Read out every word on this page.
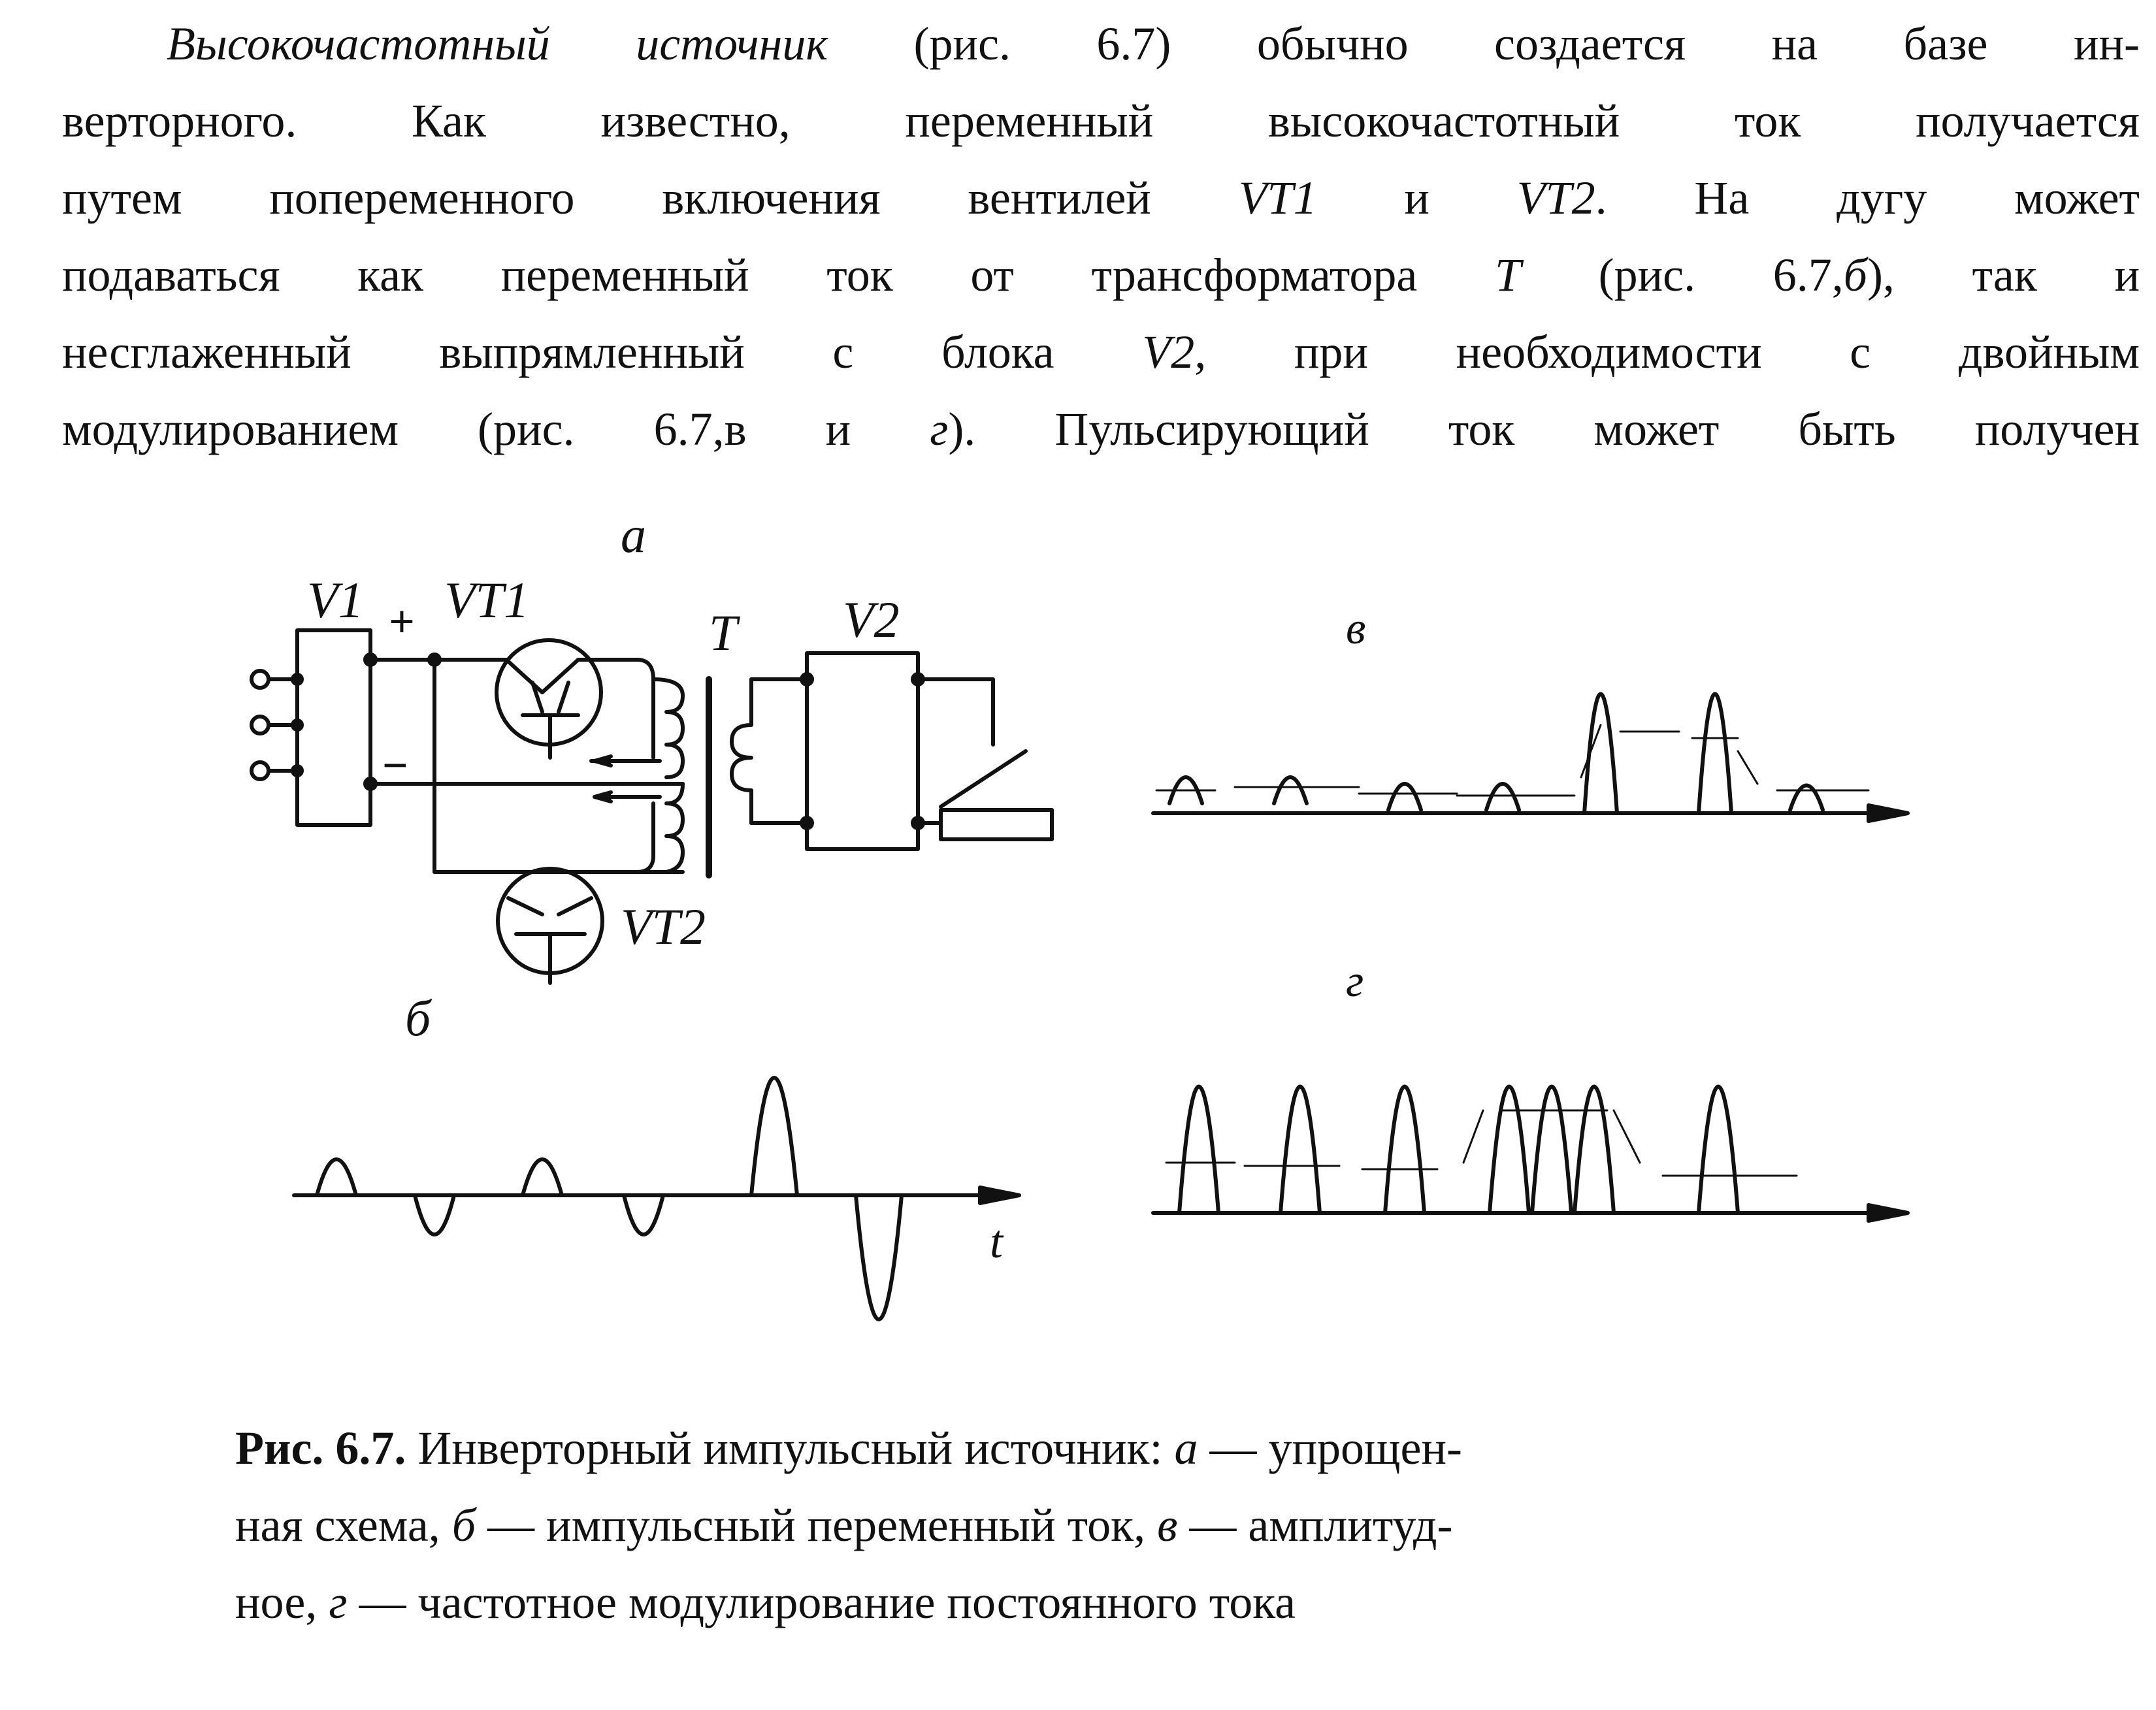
Высокочастотный источник (рис. 6.7) обычно создается на базе ин-
верторного. Как известно, переменный высокочастотный ток получается
путем попеременного включения вентилей VT1 и VT2. На дугу может
подаваться как переменный ток от трансформатора T (рис. 6.7,б), так и
несглаженный выпрямленный с блока V2, при необходимости с двойным
модулированием (рис. 6.7,в и г). Пульсирующий ток может быть получен
а
в
б
г
V1 VT1
T V2
VT2
+
−
t
Рис. 6.7. Инверторный импульсный источник: а — упрощен-
ная схема, б — импульсный переменный ток, в — амплитуд-
ное, г — частотное модулирование постоянного тока
